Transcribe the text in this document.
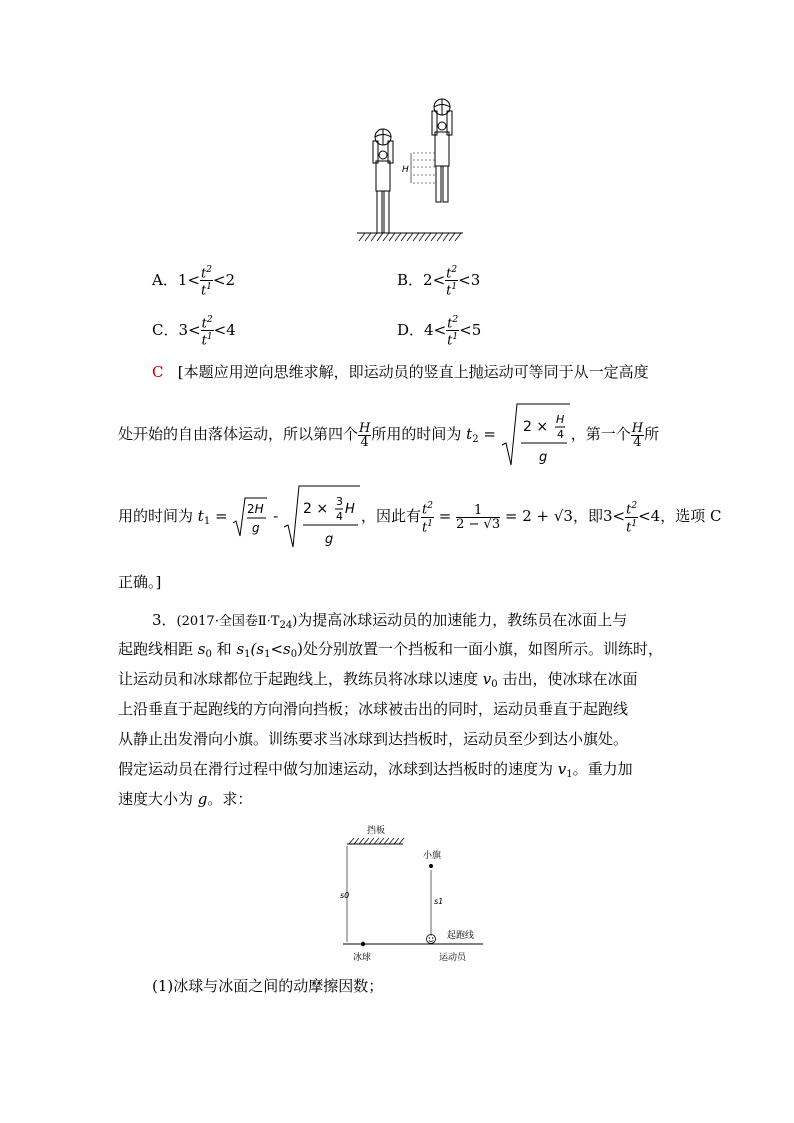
H
A．$1< \frac{t^2}{t^1} <2$	B．$2< \frac{t^2}{t^1} <3$
C．$3< \frac{t^2}{t^1} <4$	D．$4< \frac{t^2}{t^1} <5$
C [本题应用逆向思维求解，即运动员的竖直上抛运动可等同于从一定高度
处开始的自由落体运动，所以第四个 $\frac{H}{4}$ 所用的时间为 $t_2 = 2 \times H$
4
g
，第一个 $\frac{H}{4}$ 所
用的时间为 $t_1 = 2H$
g
- 2 × 3
4 H
g
，因此有 $\frac{t^2}{t^1} = \frac{1}{2 - √3} = 2 + √3$，即$3< \frac{t^2}{t^1} <4$，选项 C
正确。]
3．(2017·全国卷$Ⅱ\cdot T_{24}$)为提高冰球运动员的加速能力，教练员在冰面上与
起跑线相距 $s_0$ 和 $s_1(s_1<s_0)$处分别放置一个挡板和一面小旗，如图所示。训练时，
让运动员和冰球都位于起跑线上，教练员将冰球以速度 $v_0$ 击出，使冰球在冰面
上沿垂直于起跑线的方向滑向挡板；冰球被击出的同时，运动员垂直于起跑线
从静止出发滑向小旗。训练要求当冰球到达挡板时，运动员至少到达小旗处。
假定运动员在滑行过程中做匀加速运动，冰球到达挡板时的速度为 $v_1$。重力加
速度大小为 g。求：
挡板
起跑线
s0
小旗
s1
冰球	运动员
(1)冰球与冰面之间的动摩擦因数；
